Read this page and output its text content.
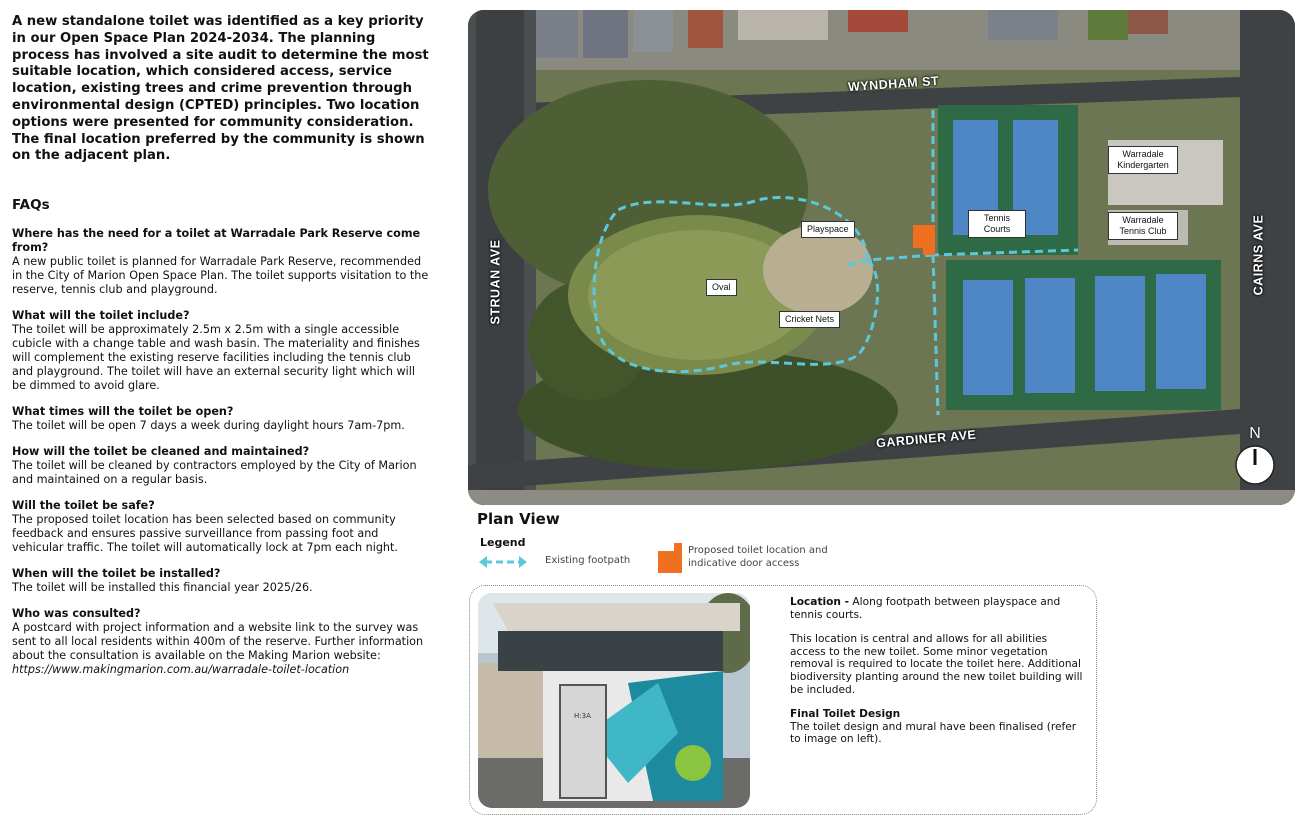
A new standalone toilet was identified as a key priority in our Open Space Plan 2024-2034. The planning process has involved a site audit to determine the most suitable location, which considered access, service location, existing trees and crime prevention through environmental design (CPTED) principles. Two location options were presented for community consideration. The final location preferred by the community is shown on the adjacent plan.

FAQs
Where has the need for a toilet at Warradale Park Reserve come from?
A new public toilet is planned for Warradale Park Reserve, recommended in the City of Marion Open Space Plan. The toilet supports visitation to the reserve, tennis club and playground.
What will the toilet include?
The toilet will be approximately 2.5m x 2.5m with a single accessible cubicle with a change table and wash basin. The materiality and finishes will complement the existing reserve facilities including the tennis club and playground. The toilet will have an external security light which will be dimmed to avoid glare.
What times will the toilet be open?
The toilet will be open 7 days a week during daylight hours 7am-7pm.
How will the toilet be cleaned and maintained?
The toilet will be cleaned by contractors employed by the City of Marion and maintained on a regular basis.
Will the toilet be safe?
The proposed toilet location has been selected based on community feedback and ensures passive surveillance from passing foot and vehicular traffic. The toilet will automatically lock at 7pm each night.
When will the toilet be installed?
The toilet will be installed this financial year 2025/26.
Who was consulted?
A postcard with project information and a website link to the survey was sent to all local residents within 400m of the reserve. Further information about the consultation is available on the Making Marion website:
https://www.makingmarion.com.au/warradale-toilet-location
WYNDHAM ST
STRUAN AVE
GARDINER AVE
CAIRNS AVE
Warradale Kindergarten
Tennis Courts
Warradale Tennis Club
Playspace
Oval
Cricket Nets
N
Plan View
Legend
Existing footpath
Proposed toilet location and indicative door access
H:3A

Location - Along footpath between playspace and tennis courts.

This location is central and allows for all abilities access to the new toilet. Some minor vegetation removal is required to locate the toilet here. Additional biodiversity planting around the new toilet building will be included.

Final Toilet Design
The toilet design and mural have been finalised (refer to image on left).
